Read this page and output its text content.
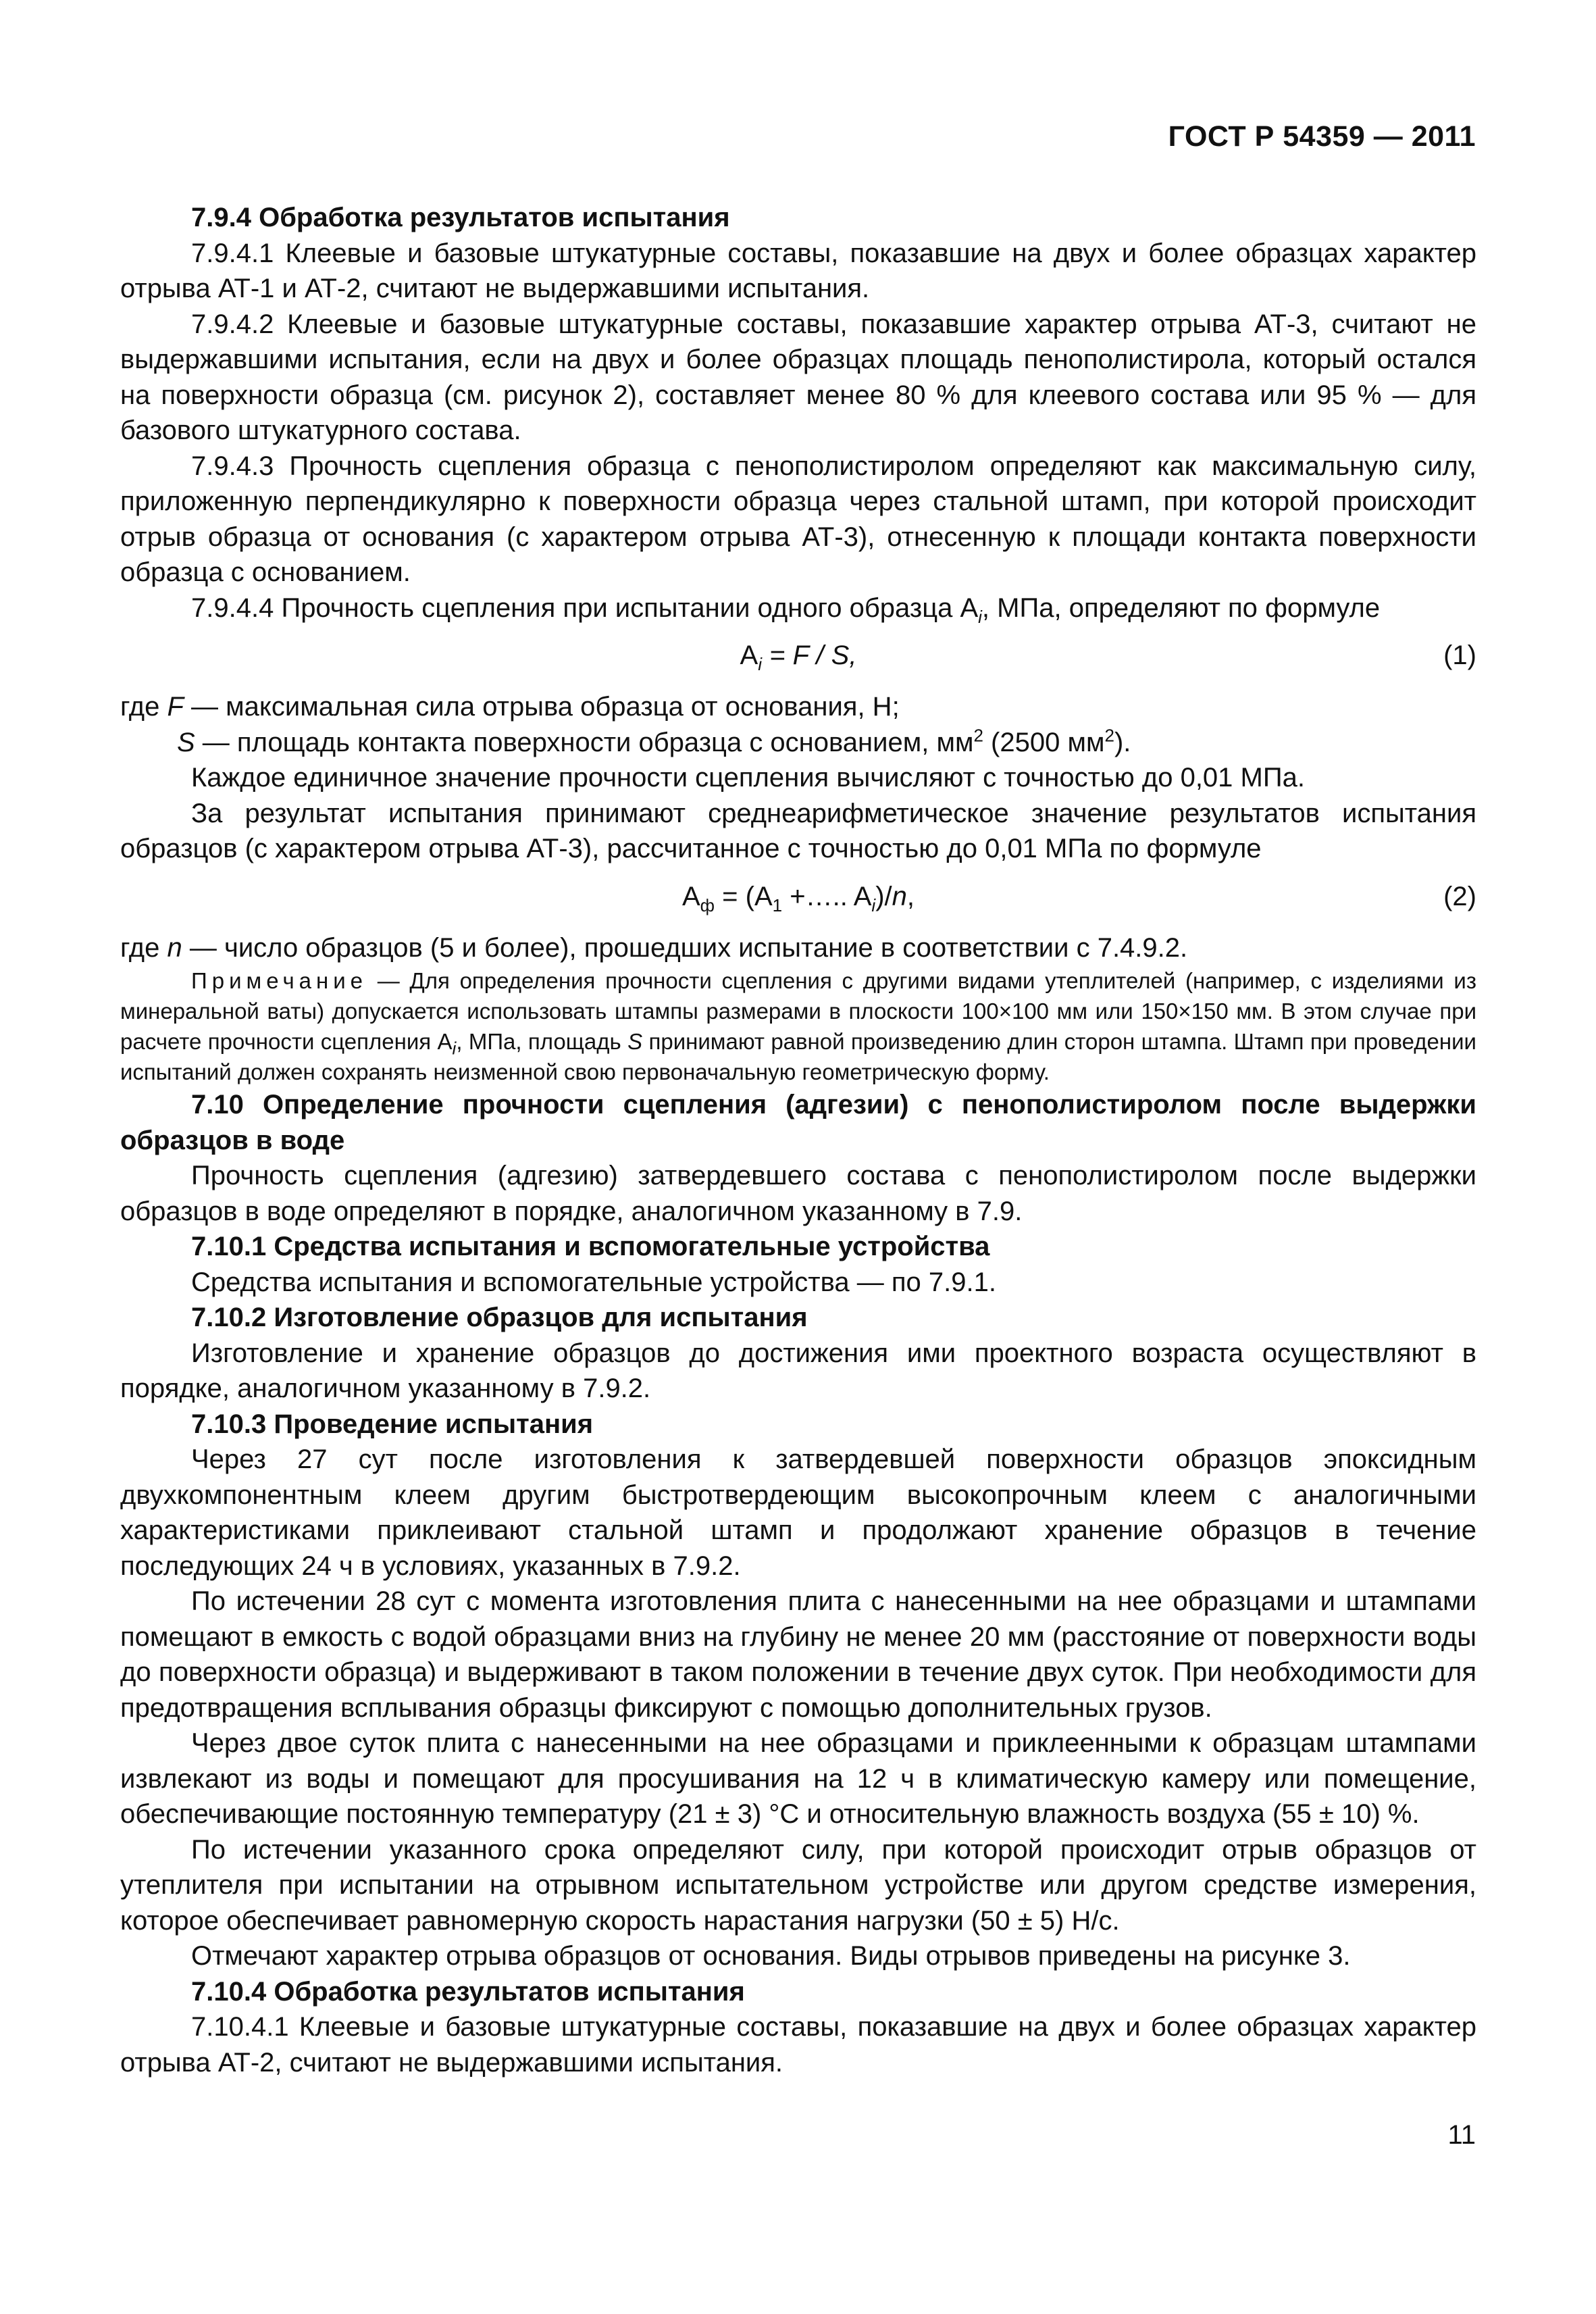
ГОСТ Р 54359 — 2011

7.9.4 Обработка результатов испытания

7.9.4.1 Клеевые и базовые штукатурные составы, показавшие на двух и более образцах характер отрыва АТ-1 и АТ-2, считают не выдержавшими испытания.

7.9.4.2 Клеевые и базовые штукатурные составы, показавшие характер отрыва АТ-3, считают не выдержавшими испытания, если на двух и более образцах площадь пенополистирола, который остался на поверхности образца (см. рисунок 2), составляет менее 80 % для клеевого состава или 95 % — для базового штукатурного состава.

7.9.4.3 Прочность сцепления образца с пенополистиролом определяют как максимальную силу, приложенную перпендикулярно к поверхности образца через стальной штамп, при которой происходит отрыв образца от основания (с характером отрыва АТ-3), отнесенную к площади контакта поверхности образца с основанием.

7.9.4.4 Прочность сцепления при испытании одного образца $A_i$, МПа, определяют по формуле

$A_i = F / S$,	(1)

где F — максимальная сила отрыва образца от основания, Н;

S — площадь контакта поверхности образца с основанием, $мм^2$ (2500 $мм^2$).

Каждое единичное значение прочности сцепления вычисляют с точностью до 0,01 МПа.

За результат испытания принимают среднеарифметическое значение результатов испытания образцов (с характером отрыва АТ-3), рассчитанное с точностью до 0,01 МПа по формуле

$A_ф = (A_1$ +….. $A_i)/n$,	(2)

где n — число образцов (5 и более), прошедших испытание в соответствии с 7.4.9.2.

Примечание — Для определения прочности сцепления с другими видами утеплителей (например, с изделиями из минеральной ваты) допускается использовать штампы размерами в плоскости 100×100 мм или 150×150 мм. В этом случае при расчете прочности сцепления $A_i$, МПа, площадь S принимают равной произведению длин сторон штампа. Штамп при проведении испытаний должен сохранять неизменной свою первоначальную геометрическую форму.

7.10 Определение прочности сцепления (адгезии) с пенополистиролом после выдержки образцов в воде

Прочность сцепления (адгезию) затвердевшего состава с пенополистиролом после выдержки образцов в воде определяют в порядке, аналогичном указанному в 7.9.

7.10.1 Средства испытания и вспомогательные устройства

Средства испытания и вспомогательные устройства — по 7.9.1.

7.10.2 Изготовление образцов для испытания

Изготовление и хранение образцов до достижения ими проектного возраста осуществляют в порядке, аналогичном указанному в 7.9.2.

7.10.3 Проведение испытания

Через 27 сут после изготовления к затвердевшей поверхности образцов эпоксидным двухкомпонентным клеем другим быстротвердеющим высокопрочным клеем с аналогичными характеристиками приклеивают стальной штамп и продолжают хранение образцов в течение последующих 24 ч в условиях, указанных в 7.9.2.

По истечении 28 сут с момента изготовления плита с нанесенными на нее образцами и штампами помещают в емкость с водой образцами вниз на глубину не менее 20 мм (расстояние от поверхности воды до поверхности образца) и выдерживают в таком положении в течение двух суток. При необходимости для предотвращения всплывания образцы фиксируют с помощью дополнительных грузов.

Через двое суток плита с нанесенными на нее образцами и приклеенными к образцам штампами извлекают из воды и помещают для просушивания на 12 ч в климатическую камеру или помещение, обеспечивающие постоянную температуру (21 ± 3) °С и относительную влажность воздуха (55 ± 10) %.

По истечении указанного срока определяют силу, при которой происходит отрыв образцов от утеплителя при испытании на отрывном испытательном устройстве или другом средстве измерения, которое обеспечивает равномерную скорость нарастания нагрузки (50 ± 5) Н/с.

Отмечают характер отрыва образцов от основания. Виды отрывов приведены на рисунке 3.

7.10.4 Обработка результатов испытания

7.10.4.1 Клеевые и базовые штукатурные составы, показавшие на двух и более образцах характер отрыва АТ-2, считают не выдержавшими испытания.

11
